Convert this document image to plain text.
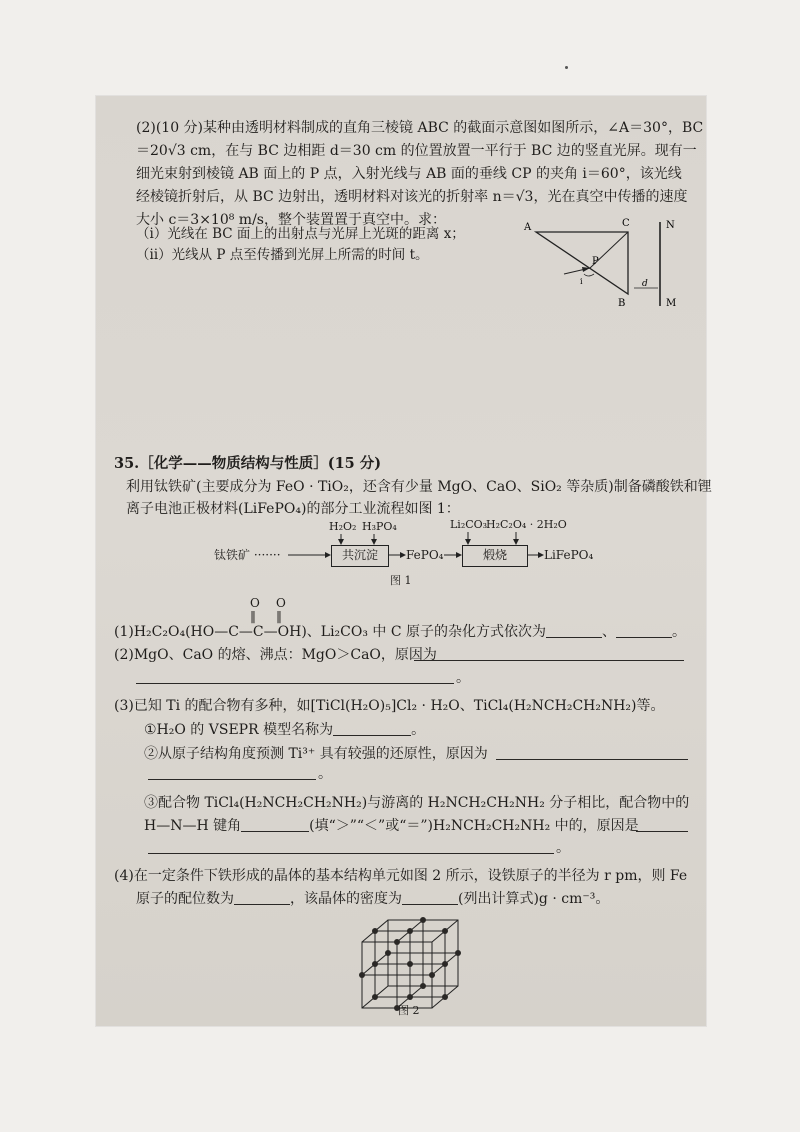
(2)(10 分)某种由透明材料制成的直角三棱镜 ABC 的截面示意图如图所示，∠A＝30°，BC
＝20√3 cm，在与 BC 边相距 d＝30 cm 的位置放置一平行于 BC 边的竖直光屏。现有一
细光束射到棱镜 AB 面上的 P 点，入射光线与 AB 面的垂线 CP 的夹角 i＝60°，该光线
经棱镜折射后，从 BC 边射出，透明材料对该光的折射率 n＝√3，光在真空中传播的速度
大小 c＝3×10⁸ m/s，整个装置置于真空中。求：
（ⅰ）光线在 BC 面上的出射点与光屏上光斑的距离 x；
（ⅱ）光线从 P 点至传播到光屏上所需的时间 t。
A	C
B
P
i	d
N
M
35.［化学——物质结构与性质］(15 分)
利用钛铁矿(主要成分为 FeO · TiO₂，还含有少量 MgO、CaO、SiO₂ 等杂质)制备磷酸铁和锂
离子电池正极材料(LiFePO₄)的部分工业流程如图 1：
钛铁矿 ·······
H₂O₂ H₃PO₄
共沉淀	FePO₄
Li₂CO₃
H₂C₂O₄ · 2H₂O
煅烧	LiFePO₄
图 1
O O
‖ ‖
(1)H₂C₂O₄(HO—C—C—OH)、Li₂CO₃ 中 C 原子的杂化方式依次为	、	。
(2)MgO、CaO 的熔、沸点：MgO＞CaO，原因为
。
(3)已知 Ti 的配合物有多种，如[TiCl(H₂O)₅]Cl₂ · H₂O、TiCl₄(H₂NCH₂CH₂NH₂)等。
①H₂O 的 VSEPR 模型名称为	。
②从原子结构角度预测 Ti³⁺ 具有较强的还原性，原因为
。
③配合物 TiCl₄(H₂NCH₂CH₂NH₂)与游离的 H₂NCH₂CH₂NH₂ 分子相比，配合物中的
H—N—H 键角	(填“＞”“＜”或“＝”)H₂NCH₂CH₂NH₂ 中的，原因是
。
(4)在一定条件下铁形成的晶体的基本结构单元如图 2 所示，设铁原子的半径为 r pm，则 Fe
原子的配位数为	，该晶体的密度为	(列出计算式)g · cm⁻³。
图 2
